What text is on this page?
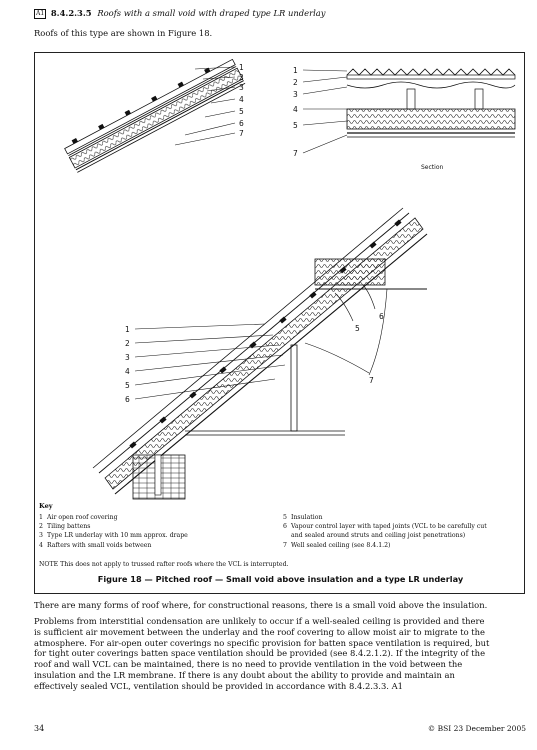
A1 8.4.2.3.5 Roofs with a small void with draped type LR underlay
Roofs of this type are shown in Figure 18.
1
2
3
4
5
6
7
1
2
3
4
5
7
Section
1
2
3
4
5
6
5
6
7
Key
1 Air open roof covering
2 Tiling battens
3 Type LR underlay with 10 mm approx. drape
4 Rafters with small voids between
5 Insulation
6 Vapour control layer with taped joints (VCL to be carefully cut
and sealed around struts and ceiling joist penetrations)
7 Well sealed ceiling (see 8.4.1.2)
NOTE This does not apply to trussed rafter roofs where the VCL is interrupted.
Figure 18 — Pitched roof — Small void above insulation and a type LR underlay
There are many forms of roof where, for constructional reasons, there is a small void above the insulation.
Problems from interstitial condensation are unlikely to occur if a well-sealed ceiling is provided and there
is sufficient air movement between the underlay and the roof covering to allow moist air to migrate to the
atmosphere. For air-open outer coverings no specific provision for batten space ventilation is required, but
for tight outer coverings batten space ventilation should be provided (see 8.4.2.1.2). If the integrity of the
roof and wall VCL can be maintained, there is no need to provide ventilation in the void between the
insulation and the LR membrane. If there is any doubt about the ability to provide and maintain an
effectively sealed VCL, ventilation should be provided in accordance with 8.4.2.3.3. A1
34	© BSI 23 December 2005
